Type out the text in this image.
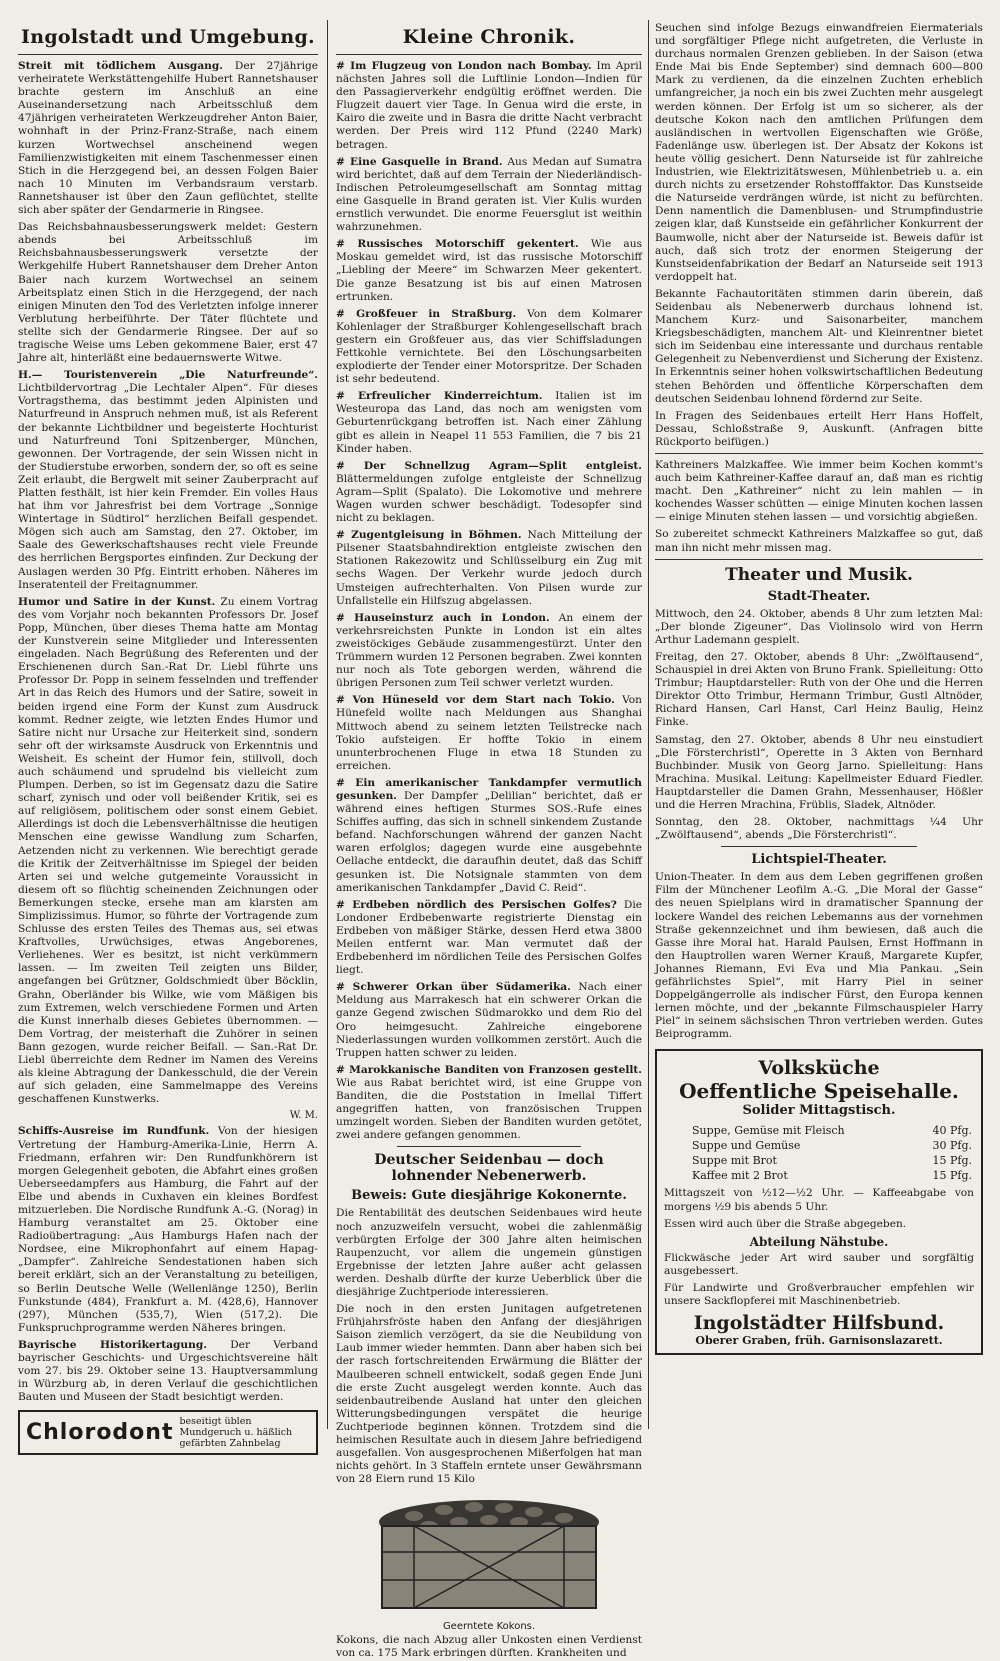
Ingolstadt und Umgebung.

Streit mit tödlichem Ausgang. Der 27jährige verheiratete Werkstättengehilfe Hubert Rannetshauser brachte gestern im Anschluß an eine Auseinandersetzung nach Arbeitsschluß dem 47jährigen verheirateten Werkzeugdreher Anton Baier, wohnhaft in der Prinz-Franz-Straße, nach einem kurzen Wortwechsel anscheinend wegen Familienzwistigkeiten mit einem Taschenmesser einen Stich in die Herzgegend bei, an dessen Folgen Baier nach 10 Minuten im Verbandsraum verstarb. Rannetshauser ist über den Zaun geflüchtet, stellte sich aber später der Gendarmerie in Ringsee.

Das Reichsbahnausbesserungswerk meldet: Gestern abends bei Arbeitsschluß im Reichsbahnausbesserungswerk versetzte der Werkgehilfe Hubert Rannetshauser dem Dreher Anton Baier nach kurzem Wortwechsel an seinem Arbeitsplatz einen Stich in die Herzgegend, der nach einigen Minuten den Tod des Verletzten infolge innerer Verblutung herbeiführte. Der Täter flüchtete und stellte sich der Gendarmerie Ringsee. Der auf so tragische Weise ums Leben gekommene Baier, erst 47 Jahre alt, hinterläßt eine bedauernswerte Witwe.

H.— Touristenverein „Die Naturfreunde“. Lichtbildervortrag „Die Lechtaler Alpen“. Für dieses Vortragsthema, das bestimmt jeden Alpinisten und Naturfreund in Anspruch nehmen muß, ist als Referent der bekannte Lichtbildner und begeisterte Hochturist und Naturfreund Toni Spitzenberger, München, gewonnen. Der Vortragende, der sein Wissen nicht in der Studierstube erworben, sondern der, so oft es seine Zeit erlaubt, die Bergwelt mit seiner Zauberpracht auf Platten festhält, ist hier kein Fremder. Ein volles Haus hat ihm vor Jahresfrist bei dem Vortrage „Sonnige Wintertage in Südtirol“ herzlichen Beifall gespendet. Mögen sich auch am Samstag, den 27. Oktober, im Saale des Gewerkschaftshauses recht viele Freunde des herrlichen Bergsportes einfinden. Zur Deckung der Auslagen werden 30 Pfg. Eintritt erhoben. Näheres im Inseratenteil der Freitagnummer.

Humor und Satire in der Kunst. Zu einem Vortrag des vom Vorjahr noch bekannten Professors Dr. Josef Popp, München, über dieses Thema hatte am Montag der Kunstverein seine Mitglieder und Interessenten eingeladen. Nach Begrüßung des Referenten und der Erschienenen durch San.-Rat Dr. Liebl führte uns Professor Dr. Popp in seinem fesselnden und treffender Art in das Reich des Humors und der Satire, soweit in beiden irgend eine Form der Kunst zum Ausdruck kommt. Redner zeigte, wie letzten Endes Humor und Satire nicht nur Ursache zur Heiterkeit sind, sondern sehr oft der wirksamste Ausdruck von Erkenntnis und Weisheit. Es scheint der Humor fein, stillvoll, doch auch schäumend und sprudelnd bis vielleicht zum Plumpen. Derben, so ist im Gegensatz dazu die Satire scharf, zynisch und oder voll beißender Kritik, sei es auf religiösem, politischem oder sonst einem Gebiet. Allerdings ist doch die Lebensverhältnisse die heutigen Menschen eine gewisse Wandlung zum Scharfen, Aetzenden nicht zu verkennen. Wie berechtigt gerade die Kritik der Zeitverhältnisse im Spiegel der beiden Arten sei und welche gutgemeinte Voraussicht in diesem oft so flüchtig scheinenden Zeichnungen oder Bemerkungen stecke, ersehe man am klarsten am Simplizissimus. Humor, so führte der Vortragende zum Schlusse des ersten Teiles des Themas aus, sei etwas Kraftvolles, Urwüchsiges, etwas Angeborenes, Verliehenes. Wer es besitzt, ist nicht verkümmern lassen. — Im zweiten Teil zeigten uns Bilder, angefangen bei Grützner, Goldschmiedt über Böcklin, Grahn, Oberländer bis Wilke, wie vom Mäßigen bis zum Extremen, welch verschiedene Formen und Arten die Kunst innerhalb dieses Gebietes übernommen. — Dem Vortrag, der meisterhaft die Zuhörer in seinen Bann gezogen, wurde reicher Beifall. — San.-Rat Dr. Liebl überreichte dem Redner im Namen des Vereins als kleine Abtragung der Dankesschuld, die der Verein auf sich geladen, eine Sammelmappe des Vereins geschaffenen Kunstwerks.

W. M.

Schiffs-Ausreise im Rundfunk. Von der hiesigen Vertretung der Hamburg-Amerika-Linie, Herrn A. Friedmann, erfahren wir: Den Rundfunkhörern ist morgen Gelegenheit geboten, die Abfahrt eines großen Ueberseedampfers aus Hamburg, die Fahrt auf der Elbe und abends in Cuxhaven ein kleines Bordfest mitzuerleben. Die Nordische Rundfunk A.-G. (Norag) in Hamburg veranstaltet am 25. Oktober eine Radioübertragung: „Aus Hamburgs Hafen nach der Nordsee, eine Mikrophonfahrt auf einem Hapag-„Dampfer“. Zahlreiche Sendestationen haben sich bereit erklärt, sich an der Veranstaltung zu beteiligen, so Berlin Deutsche Welle (Wellenlänge 1250), Berlin Funkstunde (484), Frankfurt a. M. (428,6), Hannover (297), München (535,7), Wien (517,2). Die Funkspruchprogramme werden Näheres bringen.

Bayrische Historikertagung. Der Verband bayrischer Geschichts- und Urgeschichtsvereine hält vom 27. bis 29. Oktober seine 13. Hauptversammlung in Würzburg ab, in deren Verlauf die geschichtlichen Bauten und Museen der Stadt besichtigt werden.

Chlorodont beseitigt üblen Mundgeruch u. häßlich gefärbten Zahnbelag
Kleine Chronik.

# Im Flugzeug von London nach Bombay. Im April nächsten Jahres soll die Luftlinie London—Indien für den Passagierverkehr endgültig eröffnet werden. Die Flugzeit dauert vier Tage. In Genua wird die erste, in Kairo die zweite und in Basra die dritte Nacht verbracht werden. Der Preis wird 112 Pfund (2240 Mark) betragen.

# Eine Gasquelle in Brand. Aus Medan auf Sumatra wird berichtet, daß auf dem Terrain der Niederländisch-Indischen Petroleumgesellschaft am Sonntag mittag eine Gasquelle in Brand geraten ist. Vier Kulis wurden ernstlich verwundet. Die enorme Feuersglut ist weithin wahrzunehmen.

# Russisches Motorschiff gekentert. Wie aus Moskau gemeldet wird, ist das russische Motorschiff „Liebling der Meere“ im Schwarzen Meer gekentert. Die ganze Besatzung ist bis auf einen Matrosen ertrunken.

# Großfeuer in Straßburg. Von dem Kolmarer Kohlenlager der Straßburger Kohlengesellschaft brach gestern ein Großfeuer aus, das vier Schiffsladungen Fettkohle vernichtete. Bei den Löschungsarbeiten explodierte der Tender einer Motorspritze. Der Schaden ist sehr bedeutend.

# Erfreulicher Kinderreichtum. Italien ist im Westeuropa das Land, das noch am wenigsten vom Geburtenrückgang betroffen ist. Nach einer Zählung gibt es allein in Neapel 11 553 Familien, die 7 bis 21 Kinder haben.

# Der Schnellzug Agram—Split entgleist. Blättermeldungen zufolge entgleiste der Schnellzug Agram—Split (Spalato). Die Lokomotive und mehrere Wagen wurden schwer beschädigt. Todesopfer sind nicht zu beklagen.

# Zugentgleisung in Böhmen. Nach Mitteilung der Pilsener Staatsbahndirektion entgleiste zwischen den Stationen Rakezowitz und Schlüsselburg ein Zug mit sechs Wagen. Der Verkehr wurde jedoch durch Umsteigen aufrechterhalten. Von Pilsen wurde zur Unfallstelle ein Hilfszug abgelassen.

# Hauseinsturz auch in London. An einem der verkehrsreichsten Punkte in London ist ein altes zweistöckiges Gebäude zusammengestürzt. Unter den Trümmern wurden 12 Personen begraben. Zwei konnten nur noch als Tote geborgen werden, während die übrigen Personen zum Teil schwer verletzt wurden.

# Von Hüneseld vor dem Start nach Tokio. Von Hünefeld wollte nach Meldungen aus Shanghai Mittwoch abend zu seinem letzten Teilstrecke nach Tokio aufsteigen. Er hoffte Tokio in einem ununterbrochenen Fluge in etwa 18 Stunden zu erreichen.

# Ein amerikanischer Tankdampfer vermutlich gesunken. Der Dampfer „Delilian“ berichtet, daß er während eines heftigen Sturmes SOS.-Rufe eines Schiffes auffing, das sich in schnell sinkendem Zustande befand. Nachforschungen während der ganzen Nacht waren erfolglos; dagegen wurde eine ausgebehnte Oellache entdeckt, die daraufhin deutet, daß das Schiff gesunken ist. Die Notsignale stammten von dem amerikanischen Tankdampfer „David C. Reid“.

# Erdbeben nördlich des Persischen Golfes? Die Londoner Erdbebenwarte registrierte Dienstag ein Erdbeben von mäßiger Stärke, dessen Herd etwa 3800 Meilen entfernt war. Man vermutet daß der Erdbebenherd im nördlichen Teile des Persischen Golfes liegt.

# Schwerer Orkan über Südamerika. Nach einer Meldung aus Marrakesch hat ein schwerer Orkan die ganze Gegend zwischen Südmarokko und dem Rio del Oro heimgesucht. Zahlreiche eingeborene Niederlassungen wurden vollkommen zerstört. Auch die Truppen hatten schwer zu leiden.

# Marokkanische Banditen von Franzosen gestellt. Wie aus Rabat berichtet wird, ist eine Gruppe von Banditen, die die Poststation in Imellal Tiffert angegriffen hatten, von französischen Truppen umzingelt worden. Sieben der Banditen wurden getötet, zwei andere gefangen genommen.

Deutscher Seidenbau — doch lohnender Nebenerwerb.
Beweis: Gute diesjährige Kokonernte.

Die Rentabilität des deutschen Seidenbaues wird heute noch anzuzweifeln versucht, wobei die zahlenmäßig verbürgten Erfolge der 300 Jahre alten heimischen Raupenzucht, vor allem die ungemein günstigen Ergebnisse der letzten Jahre außer acht gelassen werden. Deshalb dürfte der kurze Ueberblick über die diesjährige Zuchtperiode interessieren.

Die noch in den ersten Junitagen aufgetretenen Frühjahrsfröste haben den Anfang der diesjährigen Saison ziemlich verzögert, da sie die Neubildung von Laub immer wieder hemmten. Dann aber haben sich bei der rasch fortschreitenden Erwärmung die Blätter der Maulbeeren schnell entwickelt, sodaß gegen Ende Juni die erste Zucht ausgelegt werden konnte. Auch das seidenbautreibende Ausland hat unter den gleichen Witterungsbedingungen verspätet die heurige Zuchtperiode beginnen können. Trotzdem sind die heimischen Resultate auch in diesem Jahre befriedigend ausgefallen. Von ausgesprochenen Mißerfolgen hat man nichts gehört. In 3 Staffeln erntete unser Gewährsmann von 28 Eiern rund 15 Kilo

Geerntete Kokons.

Kokons, die nach Abzug aller Unkosten einen Verdienst von ca. 175 Mark erbringen dürften. Krankheiten und

Seuchen sind infolge Bezugs einwandfreien Eiermaterials und sorgfältiger Pflege nicht aufgetreten, die Verluste in durchaus normalen Grenzen geblieben. In der Saison (etwa Ende Mai bis Ende September) sind demnach 600—800 Mark zu verdienen, da die einzelnen Zuchten erheblich umfangreicher, ja noch ein bis zwei Zuchten mehr ausgelegt werden können. Der Erfolg ist um so sicherer, als der deutsche Kokon nach den amtlichen Prüfungen dem ausländischen in wertvollen Eigenschaften wie Größe, Fadenlänge usw. überlegen ist. Der Absatz der Kokons ist heute völlig gesichert. Denn Naturseide ist für zahlreiche Industrien, wie Elektrizitätswesen, Mühlenbetrieb u. a. ein durch nichts zu ersetzender Rohstofffaktor. Das Kunstseide die Naturseide verdrängen würde, ist nicht zu befürchten. Denn namentlich die Damenblusen- und Strumpfindustrie zeigen klar, daß Kunstseide ein gefährlicher Konkurrent der Baumwolle, nicht aber der Naturseide ist. Beweis dafür ist auch, daß sich trotz der enormen Steigerung der Kunstseidenfabrikation der Bedarf an Naturseide seit 1913 verdoppelt hat.

Bekannte Fachautoritäten stimmen darin überein, daß Seidenbau als Nebenerwerb durchaus lohnend ist. Manchem Kurz- und Saisonarbeiter, manchem Kriegsbeschädigten, manchem Alt- und Kleinrentner bietet sich im Seidenbau eine interessante und durchaus rentable Gelegenheit zu Nebenverdienst und Sicherung der Existenz. In Erkenntnis seiner hohen volkswirtschaftlichen Bedeutung stehen Behörden und öffentliche Körperschaften dem deutschen Seidenbau lohnend fördernd zur Seite.

In Fragen des Seidenbaues erteilt Herr Hans Hoffelt, Dessau, Schloßstraße 9, Auskunft. (Anfragen bitte Rückporto beifügen.)

Kathreiners Malzkaffee. Wie immer beim Kochen kommt's auch beim Kathreiner-Kaffee darauf an, daß man es richtig macht. Den „Kathreiner“ nicht zu lein mahlen — in kochendes Wasser schütten — einige Minuten kochen lassen — einige Minuten stehen lassen — und vorsichtig abgießen.

So zubereitet schmeckt Kathreiners Malzkaffee so gut, daß man ihn nicht mehr missen mag.

Theater und Musik.
Stadt-Theater.

Mittwoch, den 24. Oktober, abends 8 Uhr zum letzten Mal: „Der blonde Zigeuner“. Das Violinsolo wird von Herrn Arthur Lademann gespielt.

Freitag, den 27. Oktober, abends 8 Uhr: „Zwölftausend“, Schauspiel in drei Akten von Bruno Frank. Spielleitung: Otto Trimbur; Hauptdarsteller: Ruth von der Ohe und die Herren Direktor Otto Trimbur, Hermann Trimbur, Gustl Altnöder, Richard Hansen, Carl Hanst, Carl Heinz Baulig, Heinz Finke.

Samstag, den 27. Oktober, abends 8 Uhr neu einstudiert „Die Försterchristl“, Operette in 3 Akten von Bernhard Buchbinder. Musik von Georg Jarno. Spielleitung: Hans Mrachina. Musikal. Leitung: Kapellmeister Eduard Fiedler. Hauptdarsteller die Damen Grahn, Messenhauser, Hößler und die Herren Mrachina, Früblis, Sladek, Altnöder.

Sonntag, den 28. Oktober, nachmittags ¼4 Uhr „Zwölftausend“, abends „Die Försterchristl“.

Lichtspiel-Theater.

Union-Theater. In dem aus dem Leben gegriffenen großen Film der Münchener Leofilm A.-G. „Die Moral der Gasse“ des neuen Spielplans wird in dramatischer Spannung der lockere Wandel des reichen Lebemanns aus der vornehmen Straße gekennzeichnet und ihm bewiesen, daß auch die Gasse ihre Moral hat. Harald Paulsen, Ernst Hoffmann in den Hauptrollen waren Werner Krauß, Margarete Kupfer, Johannes Riemann, Evi Eva und Mia Pankau. „Sein gefährlichstes Spiel“, mit Harry Piel in seiner Doppelgängerrolle als indischer Fürst, den Europa kennen lernen möchte, und der „bekannte Filmschauspieler Harry Piel“ in seinem sächsischen Thron vertrieben werden. Gutes Beiprogramm.

Volksküche
Oeffentliche Speisehalle.
Solider Mittagstisch.
Suppe, Gemüse mit Fleisch	40 Pfg.
Suppe und Gemüse	30 Pfg.
Suppe mit Brot	15 Pfg.
Kaffee mit 2 Brot	15 Pfg.

Mittagszeit von ½12—½2 Uhr. — Kaffeeabgabe von morgens ½9 bis abends 5 Uhr.

Essen wird auch über die Straße abgegeben.

Abteilung Nähstube.

Flickwäsche jeder Art wird sauber und sorgfältig ausgebessert.

Für Landwirte und Großverbraucher empfehlen wir unsere Sackflopferei mit Maschinenbetrieb.

Ingolstädter Hilfsbund.
Oberer Graben, früh. Garnisonslazarett.
